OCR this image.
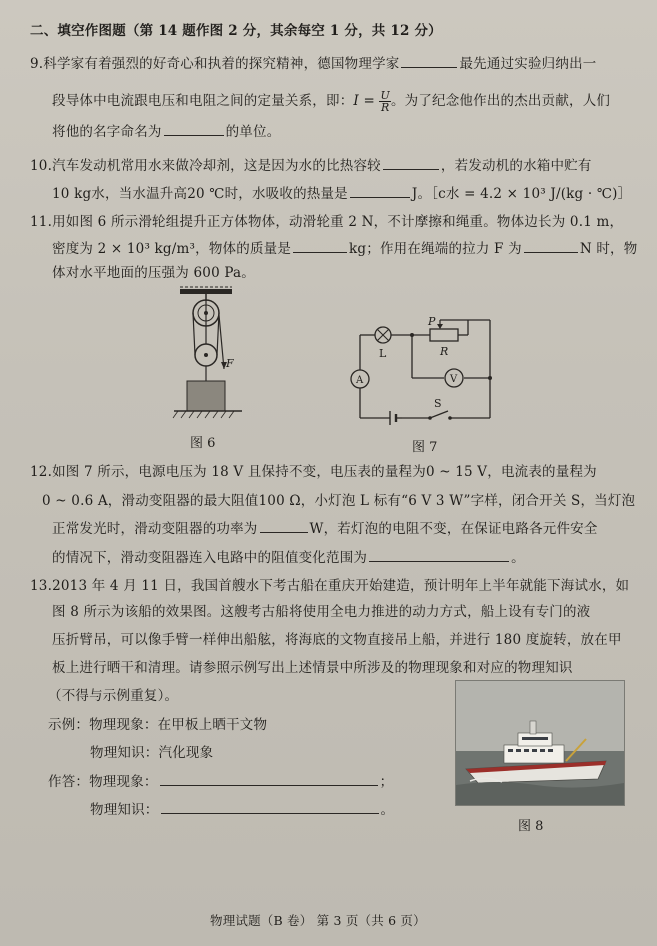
二、填空作图题（第 14 题作图 2 分，其余每空 1 分，共 12 分）
9.科学家有着强烈的好奇心和执着的探究精神，德国物理学家	最先通过实验归纳出一
段导体中电流跟电压和电阻之间的定量关系，即：$I = \frac{U}{R}$ 。为了纪念他作出的杰出贡献，人们
将他的名字命名为	的单位。
10.汽车发动机常用水来做冷却剂，这是因为水的比热容较	，若发动机的水箱中贮有
10 kg水，当水温升高20 ℃时，水吸收的热量是	J。［c水 = 4.2 × 10³ J/(kg · ℃)］
11.用如图 6 所示滑轮组提升正方体物体，动滑轮重 2 N，不计摩擦和绳重。物体边长为 0.1 m，
密度为 2 × 10³ kg/m³，物体的质量是	kg；作用在绳端的拉力 F 为	N 时，物
体对水平地面的压强为 600 Pa。
F
图 6
L
P
R
A	V
S
图 7
12.如图 7 所示，电源电压为 18 V 且保持不变，电压表的量程为0 ~ 15 V，电流表的量程为
0 ~ 0.6 A，滑动变阻器的最大阻值100 Ω，小灯泡 L 标有“6 V 3 W”字样，闭合开关 S，当灯泡
正常发光时，滑动变阻器的功率为	W，若灯泡的电阻不变，在保证电路各元件安全
的情况下，滑动变阻器连入电路中的阻值变化范围为	。
13.2013 年 4 月 11 日，我国首艘水下考古船在重庆开始建造，预计明年上半年就能下海试水，如
图 8 所示为该船的效果图。这艘考古船将使用全电力推进的动力方式，船上设有专门的液
压折臂吊，可以像手臂一样伸出船舷，将海底的文物直接吊上船，并进行 180 度旋转，放在甲
板上进行晒干和清理。请参照示例写出上述情景中所涉及的物理现象和对应的物理知识
（不得与示例重复）。
示例：物理现象：在甲板上晒干文物
物理知识：汽化现象
作答：物理现象：	；
物理知识：	。
图 8
物理试题（B 卷） 第 3 页（共 6 页）
